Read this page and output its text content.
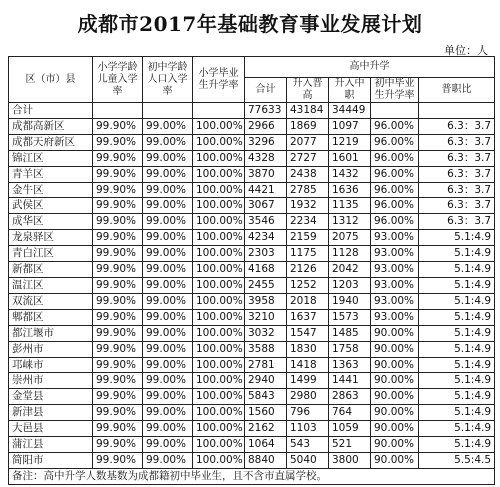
成都市2017年基础教育事业发展计划
单位：人
区（市）县	小学学龄儿童入学率	初中学龄人口入学率	小学毕业生升学率	高中升学				
				合计	升入普高	升入中职	初中毕业生升学率	普职比
合计				77633	43184	34449		
成都高新区	99.90%	99.00%	100.00%	2966	1869	1097	96.00%	6.3：3.7
成都天府新区	99.90%	99.00%	100.00%	3296	2077	1219	96.00%	6.3：3.7
锦江区	99.90%	99.00%	100.00%	4328	2727	1601	96.00%	6.3：3.7
青羊区	99.90%	99.00%	100.00%	3870	2438	1432	96.00%	6.3：3.7
金牛区	99.90%	99.00%	100.00%	4421	2785	1636	96.00%	6.3：3.7
武侯区	99.90%	99.00%	100.00%	3067	1932	1135	96.00%	6.3：3.7
成华区	99.90%	99.00%	100.00%	3546	2234	1312	96.00%	6.3：3.7
龙泉驿区	99.90%	99.00%	100.00%	4234	2159	2075	93.00%	5.1:4.9
青白江区	99.90%	99.00%	100.00%	2303	1175	1128	93.00%	5.1:4.9
新都区	99.90%	99.00%	100.00%	4168	2126	2042	93.00%	5.1:4.9
温江区	99.90%	99.00%	100.00%	2455	1252	1203	93.00%	5.1:4.9
双流区	99.90%	99.00%	100.00%	3958	2018	1940	93.00%	5.1:4.9
郫都区	99.90%	99.00%	100.00%	3210	1637	1573	93.00%	5.1:4.9
都江堰市	99.90%	99.00%	100.00%	3032	1547	1485	90.00%	5.1:4.9
彭州市	99.90%	99.00%	100.00%	3588	1830	1758	90.00%	5.1:4.9
邛崃市	99.90%	99.00%	100.00%	2781	1418	1363	90.00%	5.1:4.9
崇州市	99.90%	99.00%	100.00%	2940	1499	1441	90.00%	5.1:4.9
金堂县	99.90%	99.00%	100.00%	5843	2980	2863	90.00%	5.1:4.9
新津县	99.90%	99.00%	100.00%	1560	796	764	90.00%	5.1:4.9
大邑县	99.90%	99.00%	100.00%	2162	1103	1059	90.00%	5.1:4.9
蒲江县	99.90%	99.00%	100.00%	1064	543	521	90.00%	5.1:4.9
简阳市	99.90%	99.00%	100.00%	8840	5040	3800	90.00%	5.5:4.5
备注：高中升学人数基数为成都籍初中毕业生，且不含市直属学校。								
